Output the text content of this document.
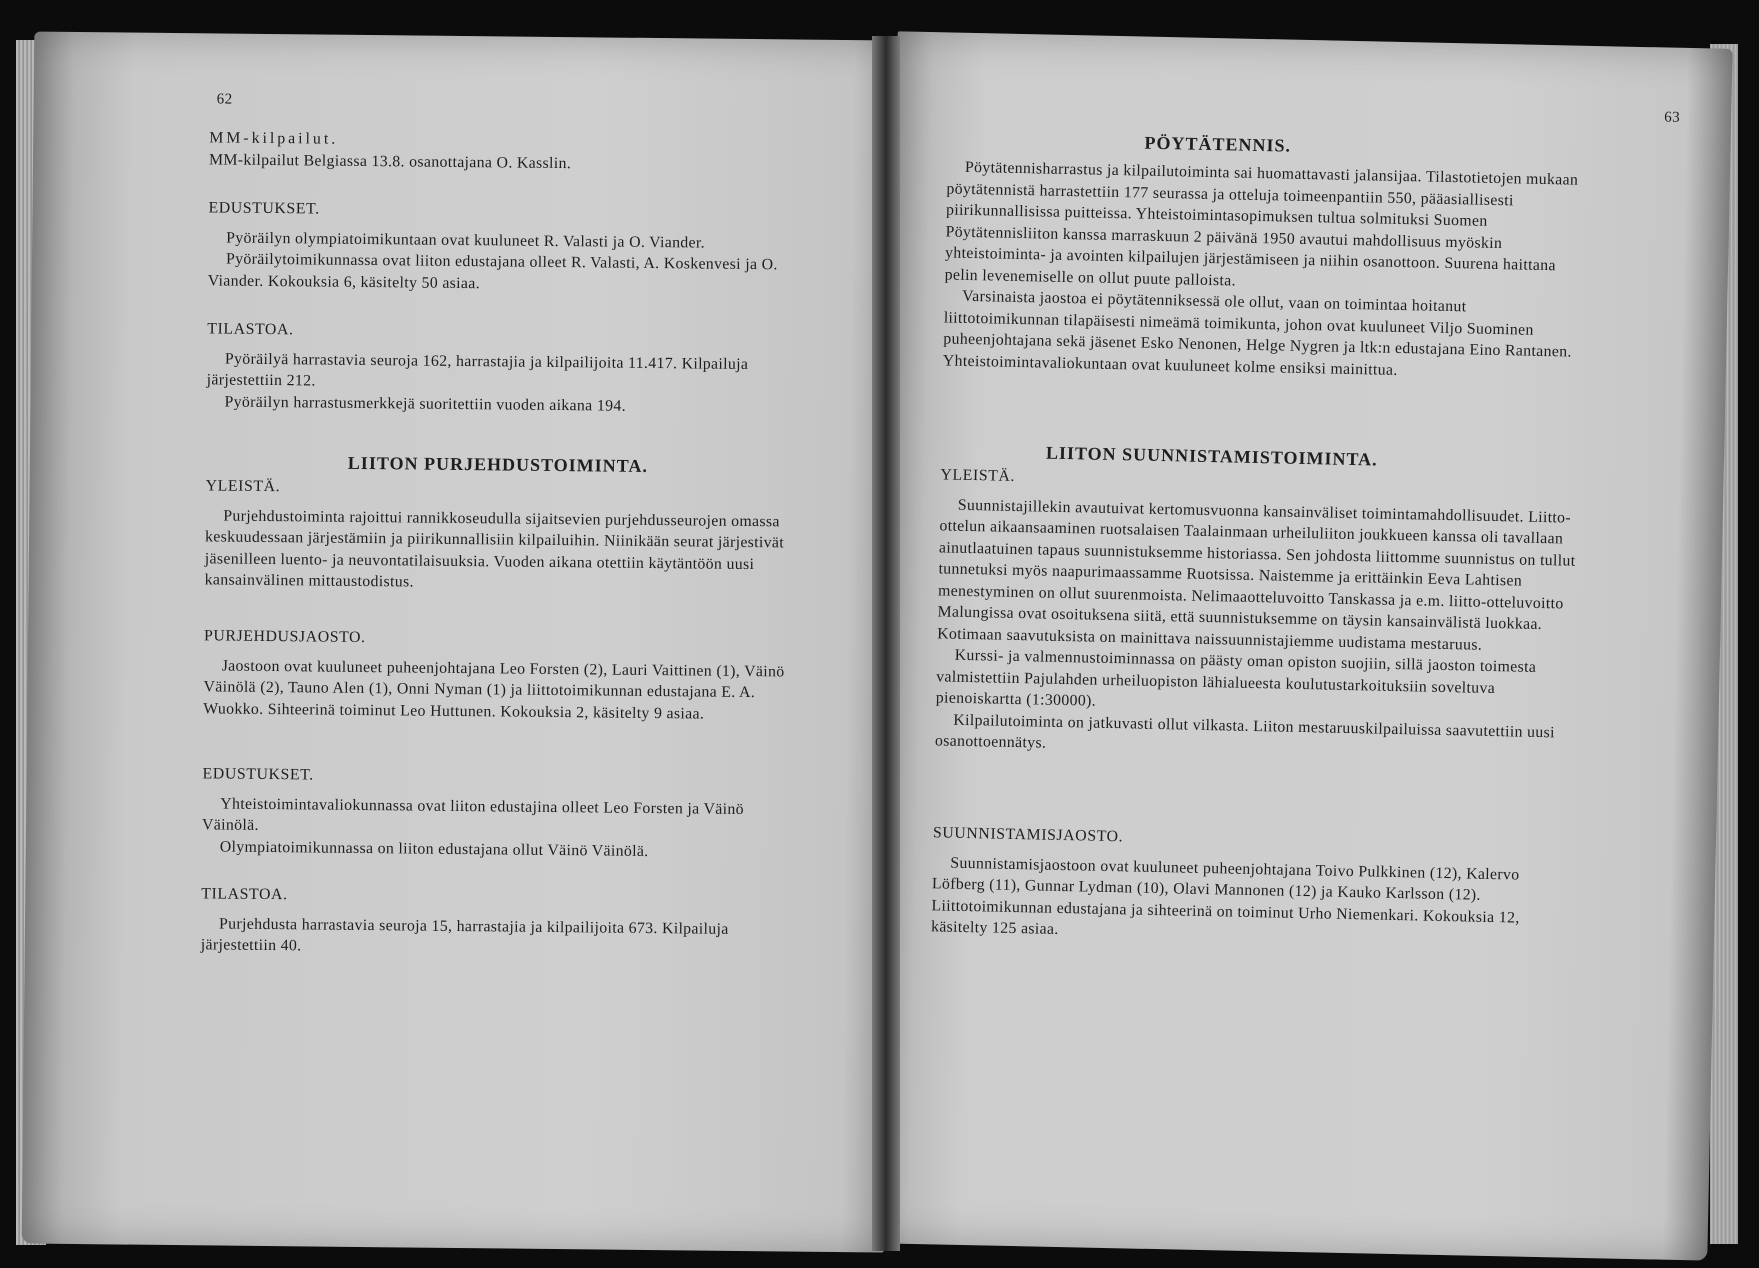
62

MM-kilpailut.

MM-kilpailut Belgiassa 13.8. osanottajana O. Kasslin.

EDUSTUKSET.

Pyöräilyn olympiatoimikuntaan ovat kuuluneet R. Valasti ja O. Viander.

Pyöräilytoimikunnassa ovat liiton edustajana olleet R. Valasti, A. Koskenvesi ja O. Viander. Kokouksia 6, käsitelty 50 asiaa.

TILASTOA.

Pyöräilyä harrastavia seuroja 162, harrastajia ja kilpailijoita 11.417. Kilpailuja järjestettiin 212.

Pyöräilyn harrastusmerkkejä suoritettiin vuoden aikana 194.

LIITON PURJEHDUSTOIMINTA.

YLEISTÄ.

Purjehdustoiminta rajoittui rannikkoseudulla sijaitsevien purjehdusseurojen omassa keskuudessaan järjestämiin ja piirikunnallisiin kilpailuihin. Niinikään seurat järjestivät jäsenilleen luento- ja neuvontatilaisuuksia. Vuoden aikana otettiin käytäntöön uusi kansainvälinen mittaustodistus.

PURJEHDUSJAOSTO.

Jaostoon ovat kuuluneet puheenjohtajana Leo Forsten (2), Lauri Vaittinen (1), Väinö Väinölä (2), Tauno Alen (1), Onni Nyman (1) ja liittotoimikunnan edustajana E. A. Wuokko. Sihteerinä toiminut Leo Huttunen. Kokouksia 2, käsitelty 9 asiaa.

EDUSTUKSET.

Yhteistoimintavaliokunnassa ovat liiton edustajina olleet Leo Forsten ja Väinö Väinölä.

Olympiatoimikunnassa on liiton edustajana ollut Väinö Väinölä.

TILASTOA.

Purjehdusta harrastavia seuroja 15, harrastajia ja kilpailijoita 673. Kilpailuja järjestettiin 40.

63
PÖYTÄTENNIS.

Pöytätennisharrastus ja kilpailutoiminta sai huomattavasti jalansijaa. Tilastotietojen mukaan pöytätennistä harrastettiin 177 seurassa ja otteluja toimeenpantiin 550, pääasiallisesti piirikunnallisissa puitteissa. Yhteistoimintasopimuksen tultua solmituksi Suomen Pöytätennisliiton kanssa marraskuun 2 päivänä 1950 avautui mahdollisuus myöskin yhteistoiminta- ja avointen kilpailujen järjestämiseen ja niihin osanottoon. Suurena haittana pelin levenemiselle on ollut puute palloista.

Varsinaista jaostoa ei pöytätenniksessä ole ollut, vaan on toimintaa hoitanut liittotoimikunnan tilapäisesti nimeämä toimikunta, johon ovat kuuluneet Viljo Suominen puheenjohtajana sekä jäsenet Esko Nenonen, Helge Nygren ja ltk:n edustajana Eino Rantanen. Yhteistoimintavaliokuntaan ovat kuuluneet kolme ensiksi mainittua.

LIITON SUUNNISTAMISTOIMINTA.

YLEISTÄ.

Suunnistajillekin avautuivat kertomusvuonna kansainväliset toimintamahdollisuudet. Liitto-ottelun aikaansaaminen ruotsalaisen Taalainmaan urheiluliiton joukkueen kanssa oli tavallaan ainutlaatuinen tapaus suunnistuksemme historiassa. Sen johdosta liittomme suunnistus on tullut tunnetuksi myös naapurimaassamme Ruotsissa. Naistemme ja erittäinkin Eeva Lahtisen menestyminen on ollut suurenmoista. Nelimaaotteluvoitto Tanskassa ja e.m. liitto-otteluvoitto Malungissa ovat osoituksena siitä, että suunnistuksemme on täysin kansainvälistä luokkaa. Kotimaan saavutuksista on mainittava naissuunnistajiemme uudistama mestaruus.

Kurssi- ja valmennustoiminnassa on päästy oman opiston suojiin, sillä jaoston toimesta valmistettiin Pajulahden urheiluopiston lähialueesta koulutustarkoituksiin soveltuva pienoiskartta (1:30000).

Kilpailutoiminta on jatkuvasti ollut vilkasta. Liiton mestaruuskilpailuissa saavutettiin uusi osanottoennätys.

SUUNNISTAMISJAOSTO.

Suunnistamisjaostoon ovat kuuluneet puheenjohtajana Toivo Pulkkinen (12), Kalervo Löfberg (11), Gunnar Lydman (10), Olavi Mannonen (12) ja Kauko Karlsson (12). Liittotoimikunnan edustajana ja sihteerinä on toiminut Urho Niemenkari. Kokouksia 12, käsitelty 125 asiaa.
